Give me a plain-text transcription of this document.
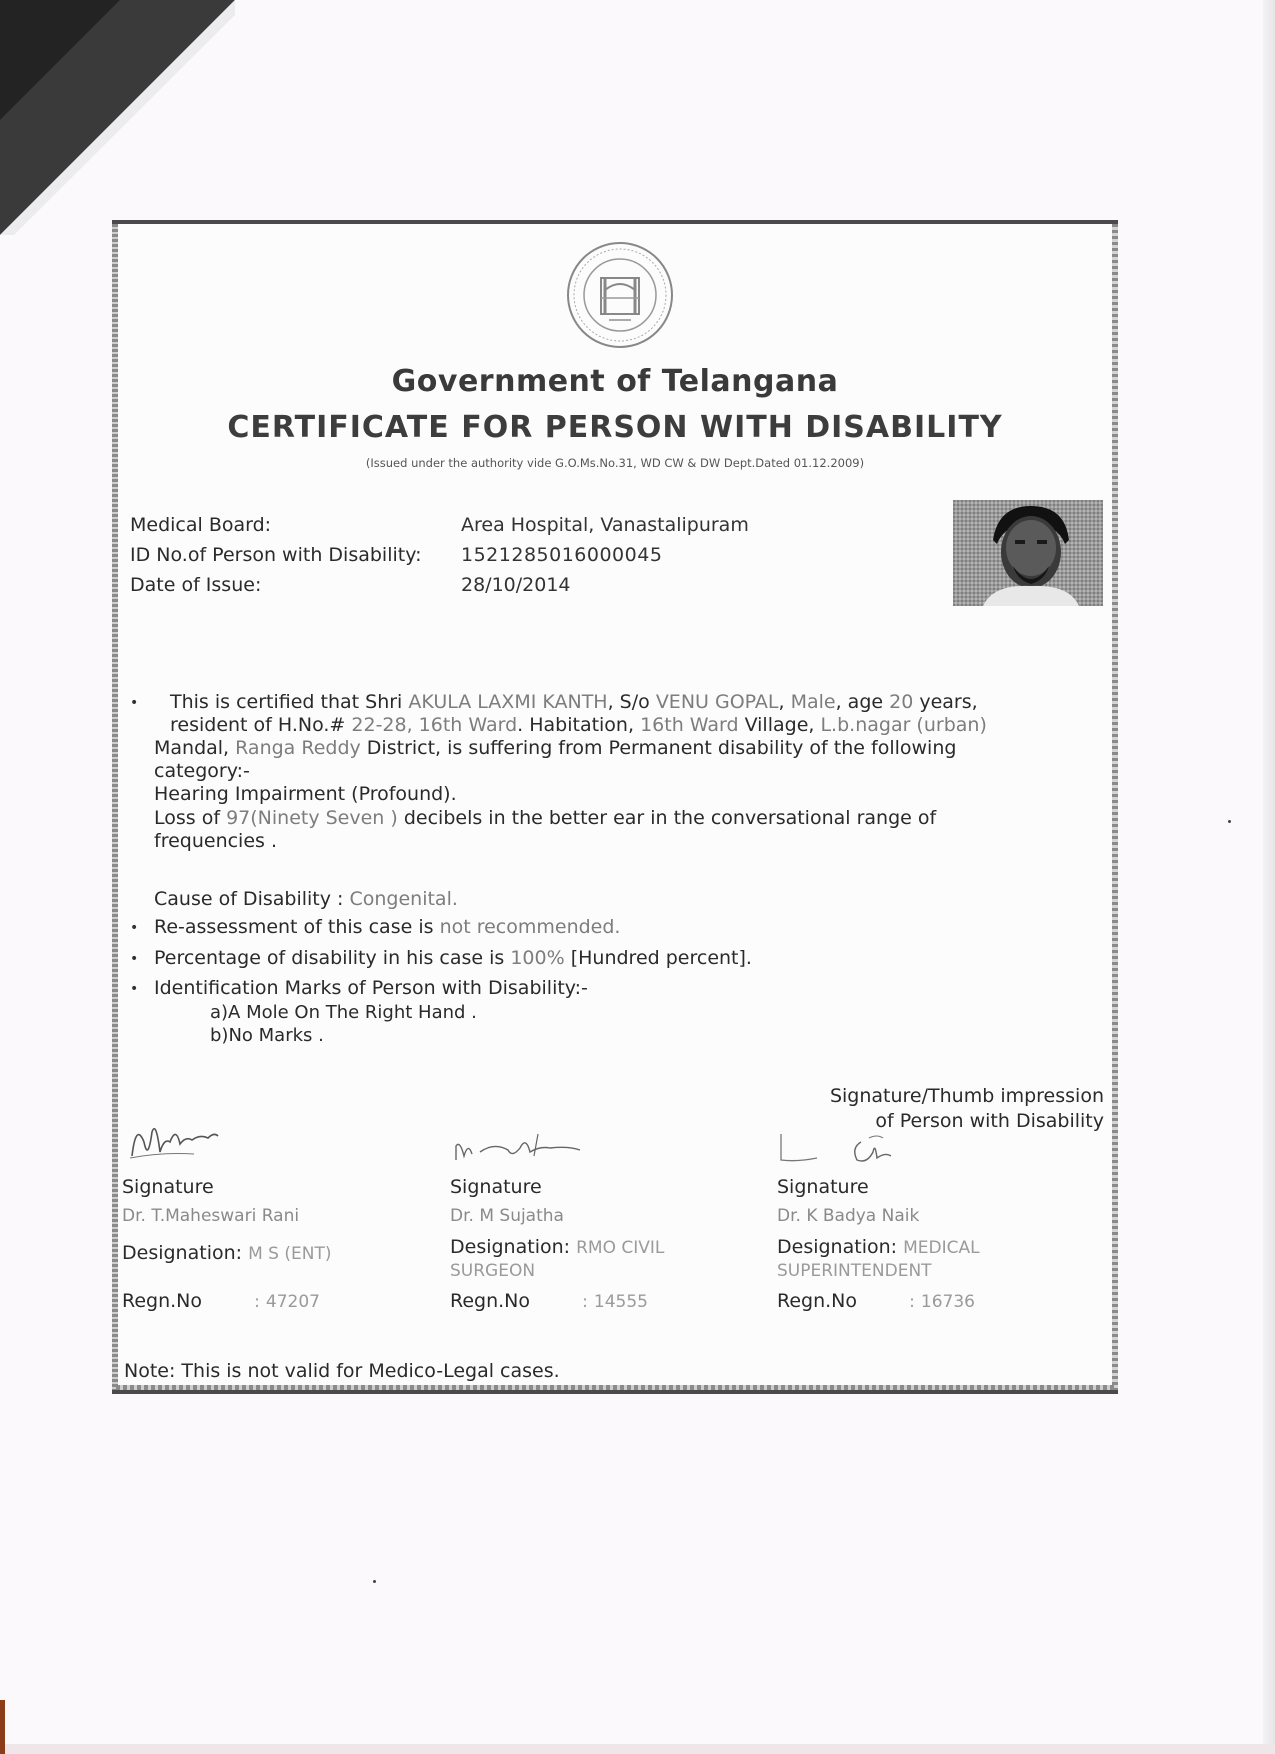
Government of Telangana
CERTIFICATE FOR PERSON WITH DISABILITY
(Issued under the authority vide G.O.Ms.No.31, WD CW & DW Dept.Dated 01.12.2009)
Medical Board:	Area Hospital, Vanastalipuram
ID No.of Person with Disability: 1521285016000045
Date of Issue:	28/10/2014
• This is certified that Shri AKULA LAXMI KANTH, S/o VENU GOPAL, Male, age 20 years,
resident of H.No.# 22-28, 16th Ward. Habitation, 16th Ward Village, L.b.nagar (urban)
Mandal, Ranga Reddy District, is suffering from Permanent disability of the following
category:-
Hearing Impairment (Profound).
Loss of 97(Ninety Seven ) decibels in the better ear in the conversational range of
frequencies .
Cause of Disability : Congenital.
• Re-assessment of this case is not recommended.
• Percentage of disability in his case is 100% [Hundred percent].
• Identification Marks of Person with Disability:-
a)A Mole On The Right Hand .
b)No Marks .
Signature/Thumb impression
of Person with Disability
Signature
Dr. T.Maheswari Rani
Designation: M S (ENT)
Regn.No	: 47207
Signature
Dr. M Sujatha
Designation: RMO CIVIL SURGEON
Regn.No	: 14555
Signature
Dr. K Badya Naik
Designation: MEDICAL SUPERINTENDENT
Regn.No	: 16736
Note: This is not valid for Medico-Legal cases.
